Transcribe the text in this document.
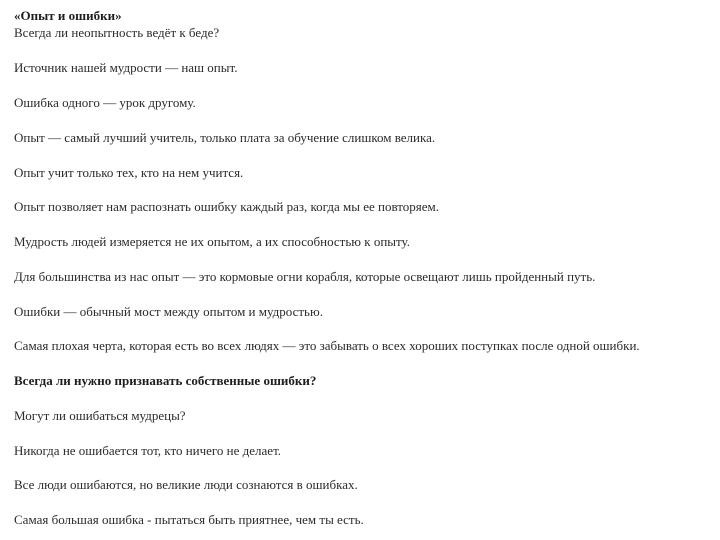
«Опыт и ошибки»
Всегда ли неопытность ведёт к беде?
Источник нашей мудрости — наш опыт.
Ошибка одного — урок другому.
Опыт — самый лучший учитель, только плата за обучение слишком велика.
Опыт учит только тех, кто на нем учится.
Опыт позволяет нам распознать ошибку каждый раз, когда мы ее повторяем.
Мудрость людей измеряется не их опытом, а их способностью к опыту.
Для большинства из нас опыт — это кормовые огни корабля, которые освещают лишь пройденный путь.
Ошибки — обычный мост между опытом и мудростью.
Самая плохая черта, которая есть во всех людях — это забывать о всех хороших поступках после одной ошибки.
Всегда ли нужно признавать собственные ошибки?
Могут ли ошибаться мудрецы?
Никогда не ошибается тот, кто ничего не делает.
Все люди ошибаются, но великие люди сознаются в ошибках.
Самая большая ошибка - пытаться быть приятнее, чем ты есть.
